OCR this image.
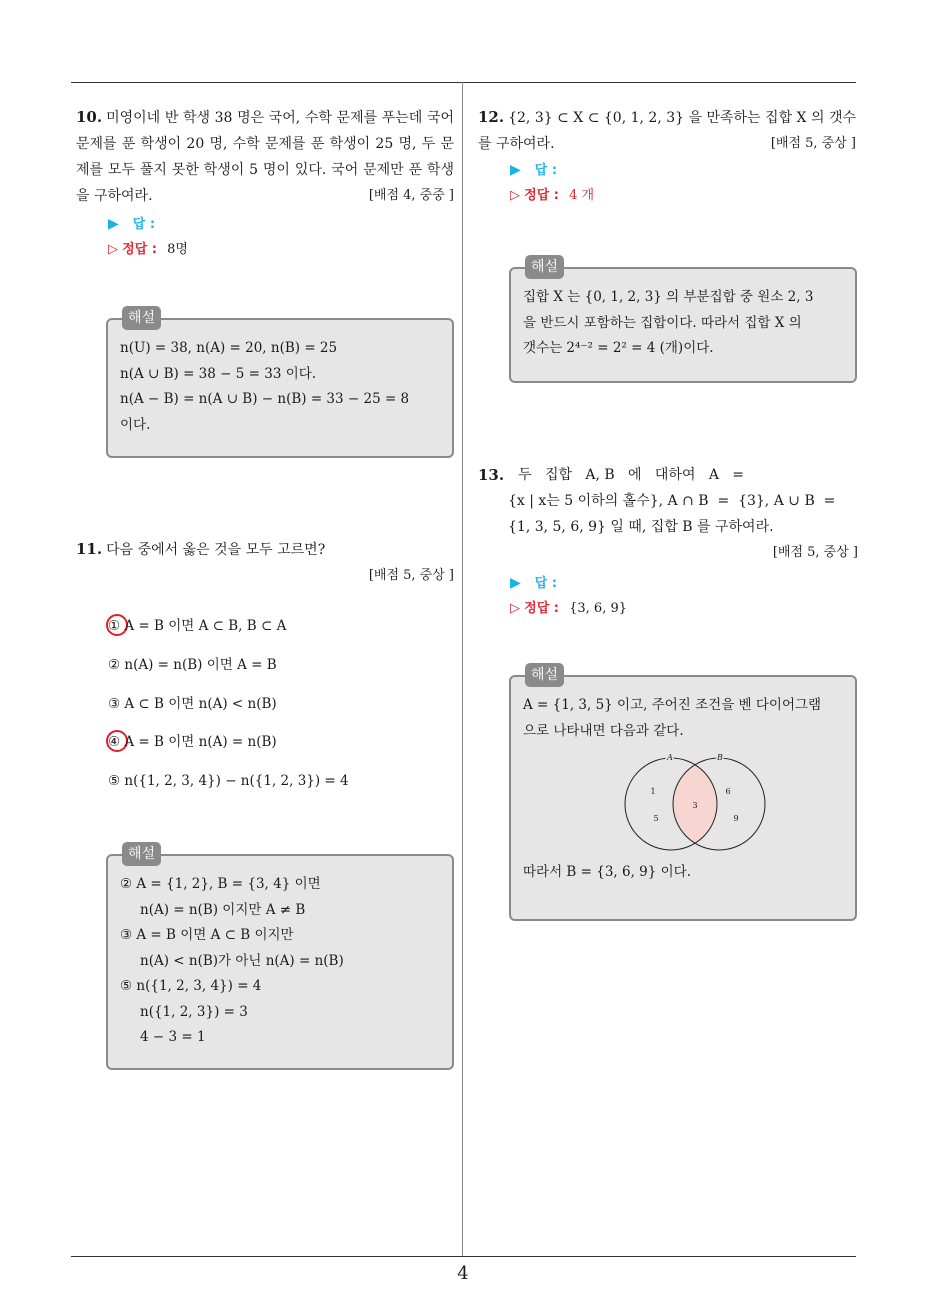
10. 미영이네 반 학생 38 명은 국어, 수학 문제를 푸는데 국어 문제를 푼 학생이 20 명, 수학 문제를 푼 학생이 25 명, 두 문제를 모두 풀지 못한 학생이 5 명이 있다. 국어 문제만 푼 학생을 구하여라.	[배점 4, 중중 ]
▶ 답 :
▷ 정답 : 8명
해설
n(U) = 38, n(A) = 20, n(B) = 25
n(A ∪ B) = 38 − 5 = 33 이다.
n(A − B) = n(A ∪ B) − n(B) = 33 − 25 = 8
이다.
11. 다음 중에서 옳은 것을 모두 고르면?
[배점 5, 중상 ]
① A = B 이면 A ⊂ B, B ⊂ A
② n(A) = n(B) 이면 A = B
③ A ⊂ B 이면 n(A) < n(B)
④ A = B 이면 n(A) = n(B)
⑤ n({1, 2, 3, 4}) − n({1, 2, 3}) = 4
해설
② A = {1, 2}, B = {3, 4} 이면
n(A) = n(B) 이지만 A ≠ B
③ A = B 이면 A ⊂ B 이지만
n(A) < n(B)가 아닌 n(A) = n(B)
⑤ n({1, 2, 3, 4}) = 4
n({1, 2, 3}) = 3
4 − 3 = 1
12. {2, 3} ⊂ X ⊂ {0, 1, 2, 3} 을 만족하는 집합 X 의 갯수를 구하여라.	[배점 5, 중상 ]
▶ 답 :
▷ 정답 : 4 개
해설
집합 X 는 {0, 1, 2, 3} 의 부분집합 중 원소 2, 3
을 반드시 포함하는 집합이다. 따라서 집합 X 의
갯수는 2⁴⁻² = 2² = 4 (개)이다.
13. 두   집합   A, B   에   대하여   A   =
{x | x는 5 이하의 홀수}, A ∩ B  =  {3}, A ∪ B  =
{1, 3, 5, 6, 9} 일 때, 집합 B 를 구하여라.
[배점 5, 중상 ]
▶ 답 :
▷ 정답 : {3, 6, 9}
해설
A = {1, 3, 5} 이고, 주어진 조건을 벤 다이어그램
으로 나타내면 다음과 같다.
A	B
1
5
3
6
9
따라서 B = {3, 6, 9} 이다.
4
